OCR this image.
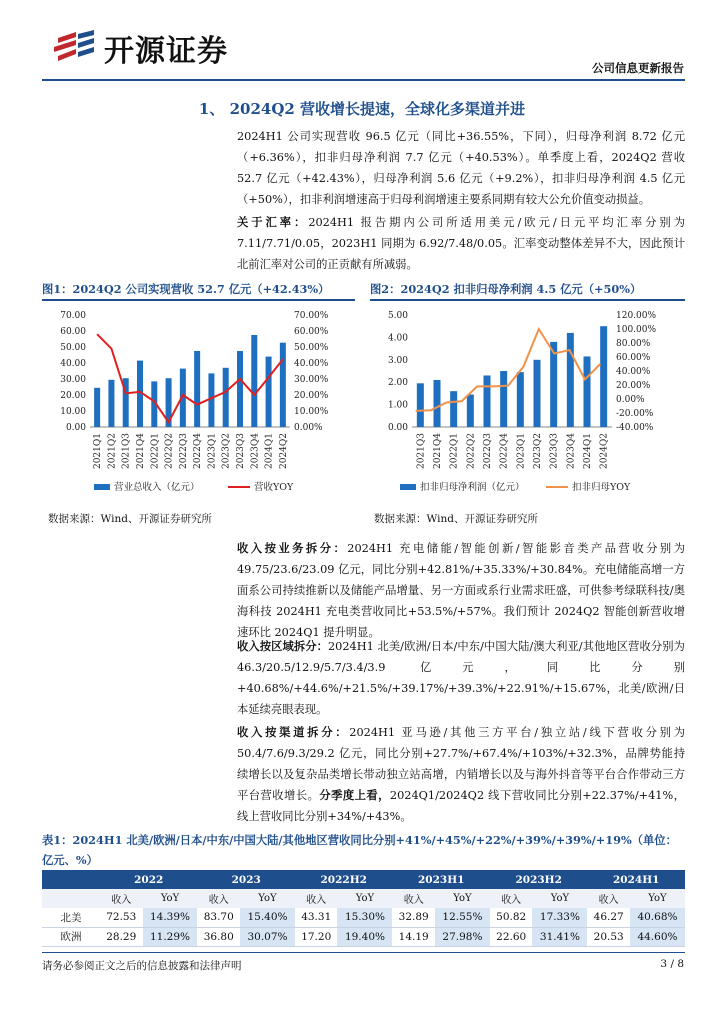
开源证券	公司信息更新报告
1、 2024Q2 营收增长提速，全球化多渠道并进
2024H1 公司实现营收 96.5 亿元（同比+36.55%，下同），归母净利润 8.72 亿元（+6.36%），扣非归母净利润 7.7 亿元（+40.53%）。单季度上看，2024Q2 营收 52.7 亿元（+42.43%），归母净利润 5.6 亿元（+9.2%），扣非归母净利润 4.5 亿元（+50%），扣非利润增速高于归母利润增速主要系同期有较大公允价值变动损益。
关于汇率：2024H1 报告期内公司所适用美元/欧元/日元平均汇率分别为 7.11/7.71/0.05，2023H1 同期为 6.92/7.48/0.05。汇率变动整体差异不大，因此预计北前汇率对公司的正贡献有所减弱。
图1：2024Q2 公司实现营收 52.7 亿元（+42.43%）
0.00
10.00
20.00
30.00
40.00
50.00
60.00
70.00
0.00%
10.00%
20.00%
30.00%
40.00%
50.00%
60.00%
70.00%
2021Q1 2021Q2 2021Q3 2021Q4 2022Q1 2022Q2 2022Q3 2022Q4 2023Q1 2023Q2 2023Q3 2023Q4 2024Q1 2024Q2
营业总收入（亿元）	营收YOY
数据来源：Wind、开源证券研究所
图2：2024Q2 扣非归母净利润 4.5 亿元（+50%）
0.00
1.00
2.00
3.00
4.00
5.00
-40.00%
-20.00%
0.00%
20.00%
40.00%
60.00%
80.00%
100.00%
120.00%
2021Q3 2021Q4 2022Q1 2022Q2 2022Q3 2022Q4 2023Q1 2023Q2 2023Q3 2023Q4 2024Q1 2024Q2
扣非归母净利润（亿元）	扣非归母YOY
数据来源：Wind、开源证券研究所
收入按业务拆分：2024H1 充电储能/智能创新/智能影音类产品营收分别为 49.75/23.6/23.09 亿元，同比分别+42.81%/+35.33%/+30.84%。充电储能高增一方面系公司持续推新以及储能产品增量、另一方面或系行业需求旺盛，可供参考绿联科技/奥海科技 2024H1 充电类营收同比+53.5%/+57%。我们预计 2024Q2 智能创新营收增速环比 2024Q1 提升明显。
收入按区域拆分：2024H1 北美/欧洲/日本/中东/中国大陆/澳大利亚/其他地区营收分别为 46.3/20.5/12.9/5.7/3.4/3.9 亿元，同比分别+40.68%/+44.6%/+21.5%/+39.17%/+39.3%/+22.91%/+15.67%，北美/欧洲/日本延续亮眼表现。
收入按渠道拆分：2024H1 亚马逊/其他三方平台/独立站/线下营收分别为 50.4/7.6/9.3/29.2 亿元，同比分别+27.7%/+67.4%/+103%/+32.3%，品牌势能持续增长以及复杂品类增长带动独立站高增，内销增长以及与海外抖音等平台合作带动三方平台营收增长。分季度上看，2024Q1/2024Q2 线下营收同比分别+22.37%/+41%，线上营收同比分别+34%/+43%。
表1：2024H1 北美/欧洲/日本/中东/中国大陆/其他地区营收同比分别+41%/+45%/+22%/+39%/+39%/+19%（单位：亿元、%）
	2022		2023		2022H2		2023H1		2023H2		2024H1	
	收入	YoY	收入	YoY	收入	YoY	收入	YoY	收入	YoY	收入	YoY
北美	72.53	14.39%	83.70	15.40%	43.31	15.30%	32.89	12.55%	50.82	17.33%	46.27	40.68%
欧洲	28.29	11.29%	36.80	30.07%	17.20	19.40%	14.19	27.98%	22.60	31.41%	20.53	44.60%
请务必参阅正文之后的信息披露和法律声明	3 / 8
